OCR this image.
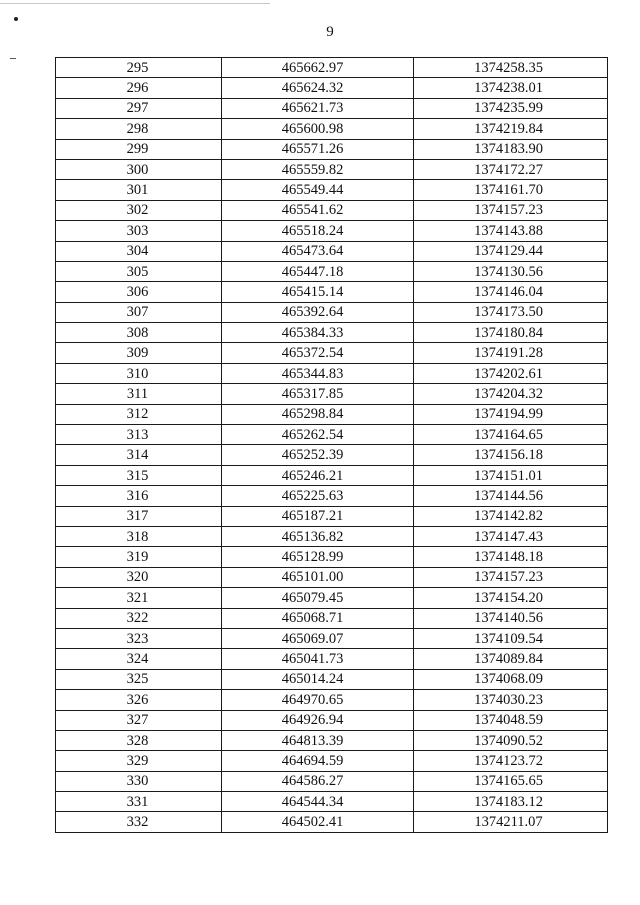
9
295	465662.97	1374258.35
296	465624.32	1374238.01
297	465621.73	1374235.99
298	465600.98	1374219.84
299	465571.26	1374183.90
300	465559.82	1374172.27
301	465549.44	1374161.70
302	465541.62	1374157.23
303	465518.24	1374143.88
304	465473.64	1374129.44
305	465447.18	1374130.56
306	465415.14	1374146.04
307	465392.64	1374173.50
308	465384.33	1374180.84
309	465372.54	1374191.28
310	465344.83	1374202.61
311	465317.85	1374204.32
312	465298.84	1374194.99
313	465262.54	1374164.65
314	465252.39	1374156.18
315	465246.21	1374151.01
316	465225.63	1374144.56
317	465187.21	1374142.82
318	465136.82	1374147.43
319	465128.99	1374148.18
320	465101.00	1374157.23
321	465079.45	1374154.20
322	465068.71	1374140.56
323	465069.07	1374109.54
324	465041.73	1374089.84
325	465014.24	1374068.09
326	464970.65	1374030.23
327	464926.94	1374048.59
328	464813.39	1374090.52
329	464694.59	1374123.72
330	464586.27	1374165.65
331	464544.34	1374183.12
332	464502.41	1374211.07
